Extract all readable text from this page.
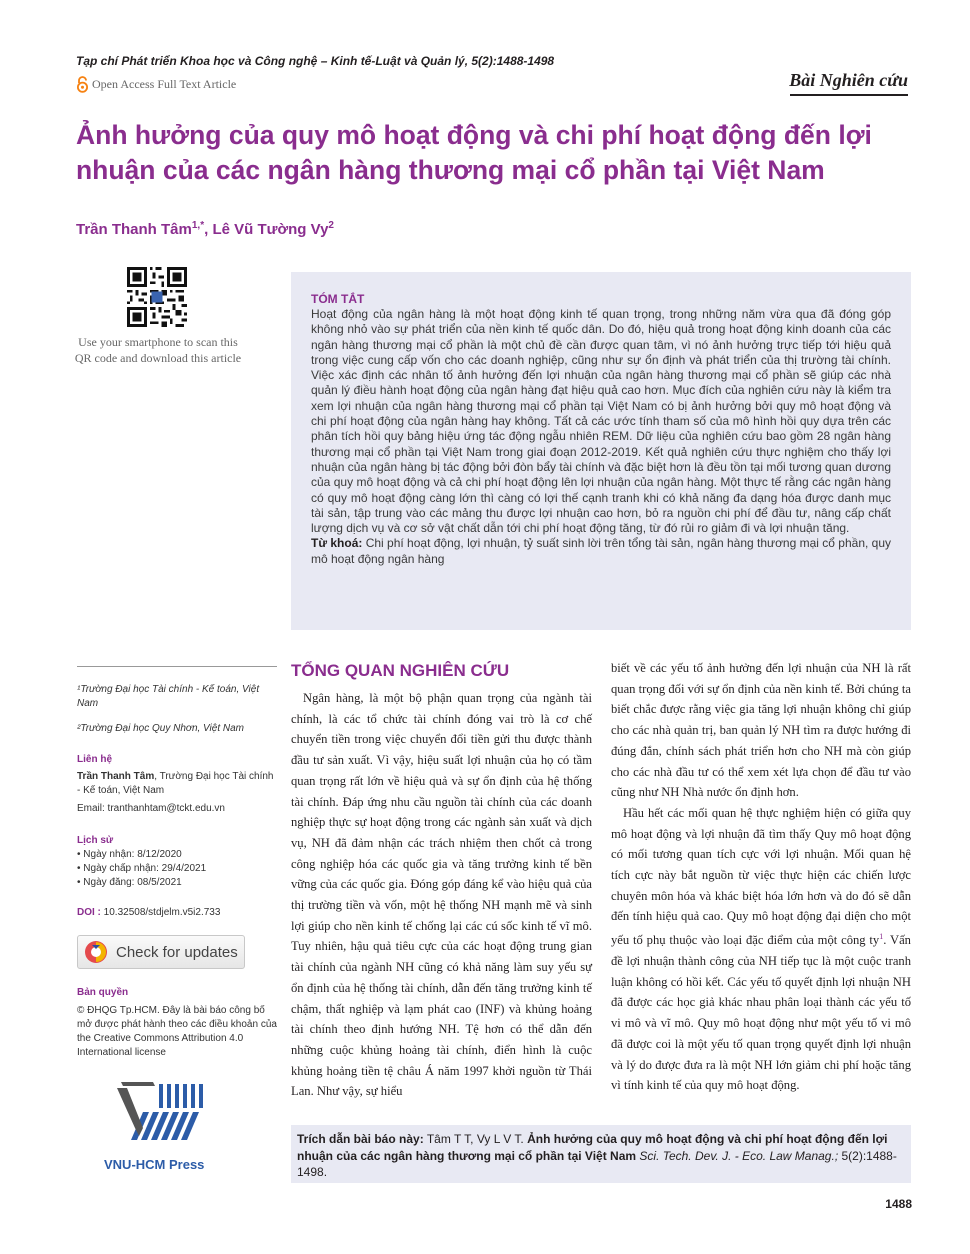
Tạp chí Phát triển Khoa học và Công nghệ – Kinh tế-Luật và Quản lý, 5(2):1488-1498
Open Access Full Text Article	Bài Nghiên cứu
Ảnh hưởng của quy mô hoạt động và chi phí hoạt động đến lợi nhuận của các ngân hàng thương mại cổ phần tại Việt Nam
Trần Thanh Tâm$^{1,*}$, Lê Vũ Tường Vy$^2$
Use your smartphone to scan this QR code and download this article
TÓM TẮT
Hoạt động của ngân hàng là một hoạt động kinh tế quan trọng, trong những năm vừa qua đã đóng góp không nhỏ vào sự phát triển của nền kinh tế quốc dân. Do đó, hiệu quả trong hoạt động kinh doanh của các ngân hàng thương mại cổ phần là một chủ đề cần được quan tâm, vì nó ảnh hưởng trực tiếp tới hiệu quả trong việc cung cấp vốn cho các doanh nghiệp, cũng như sự ổn định và phát triển của thị trường tài chính. Việc xác định các nhân tố ảnh hưởng đến lợi nhuận của ngân hàng thương mại cổ phần sẽ giúp các nhà quản lý điều hành hoạt động của ngân hàng đạt hiệu quả cao hơn. Mục đích của nghiên cứu này là kiểm tra xem lợi nhuận của ngân hàng thương mại cổ phần tại Việt Nam có bị ảnh hưởng bởi quy mô hoạt động và chi phí hoạt động của ngân hàng hay không. Tất cả các ước tính tham số của mô hình hồi quy dựa trên các phân tích hồi quy bảng hiệu ứng tác động ngẫu nhiên REM. Dữ liệu của nghiên cứu bao gồm 28 ngân hàng thương mại cổ phần tại Việt Nam trong giai đoạn 2012-2019. Kết quả nghiên cứu thực nghiệm cho thấy lợi nhuận của ngân hàng bị tác động bởi đòn bẩy tài chính và đặc biệt hơn là đều tồn tại mối tương quan dương của quy mô hoạt động và cả chi phí hoạt động lên lợi nhuận của ngân hàng. Một thực tế rằng các ngân hàng có quy mô hoạt động càng lớn thì càng có lợi thế cạnh tranh khi có khả năng đa dạng hóa được danh mục tài sản, tập trung vào các mảng thu được lợi nhuận cao hơn, bỏ ra nguồn chi phí để đầu tư, nâng cấp chất lượng dịch vụ và cơ sở vật chất dẫn tới chi phí hoạt động tăng, từ đó rủi ro giảm đi và lợi nhuận tăng.
Từ khoá: Chi phí hoạt động, lợi nhuận, tỷ suất sinh lời trên tổng tài sản, ngân hàng thương mại cổ phần, quy mô hoạt động ngân hàng
¹Trường Đại học Tài chính - Kế toán, Việt Nam
²Trường Đại học Quy Nhơn, Việt Nam
Liên hệ
Trần Thanh Tâm, Trường Đại học Tài chính - Kế toán, Việt Nam
Email: tranthanhtam@tckt.edu.vn
Lịch sử
• Ngày nhận: 8/12/2020
• Ngày chấp nhận: 29/4/2021
• Ngày đăng: 08/5/2021
DOI : 10.32508/stdjelm.v5i2.733
Check for updates
Bản quyền
© ĐHQG Tp.HCM. Đây là bài báo công bố mở được phát hành theo các điều khoản của the Creative Commons Attribution 4.0 International license
VNU-HCM Press
TỔNG QUAN NGHIÊN CỨU

Ngân hàng, là một bộ phận quan trọng của ngành tài chính, là các tổ chức tài chính đóng vai trò là cơ chế chuyển tiền trong việc chuyển đổi tiền gửi thu được thành đầu tư sản xuất. Vì vậy, hiệu suất lợi nhuận của họ có tầm quan trọng rất lớn về hiệu quả và sự ổn định của hệ thống tài chính. Đáp ứng nhu cầu nguồn tài chính của các doanh nghiệp thực sự hoạt động trong các ngành sản xuất và dịch vụ, NH đã đảm nhận các trách nhiệm then chốt cả trong công nghiệp hóa các quốc gia và tăng trưởng kinh tế bền vững của các quốc gia. Đóng góp đáng kể vào hiệu quả của thị trường tiền và vốn, một hệ thống NH mạnh mẽ và sinh lợi giúp cho nền kinh tế chống lại các cú sốc kinh tế vĩ mô. Tuy nhiên, hậu quả tiêu cực của các hoạt động trung gian tài chính của ngành NH cũng có khả năng làm suy yếu sự ổn định của hệ thống tài chính, dẫn đến tăng trưởng kinh tế chậm, thất nghiệp và lạm phát cao (INF) và khủng hoảng tài chính theo định hướng NH. Tệ hơn có thể dẫn đến những cuộc khủng hoảng tài chính, điển hình là cuộc khủng hoảng tiền tệ châu Á năm 1997 khởi nguồn từ Thái Lan. Như vậy, sự hiểu

biết về các yếu tố ảnh hưởng đến lợi nhuận của NH là rất quan trọng đối với sự ổn định của nền kinh tế. Bởi chúng ta biết chắc được rằng việc gia tăng lợi nhuận không chỉ giúp cho các nhà quản trị, ban quản lý NH tìm ra được hướng đi đúng đắn, chính sách phát triển hơn cho NH mà còn giúp cho các nhà đầu tư có thể xem xét lựa chọn để đầu tư vào cũng như NH Nhà nước ổn định hơn.

Hầu hết các mối quan hệ thực nghiệm hiện có giữa quy mô hoạt động và lợi nhuận đã tìm thấy Quy mô hoạt động có mối tương quan tích cực với lợi nhuận. Mối quan hệ tích cực này bắt nguồn từ việc thực hiện các chiến lược chuyên môn hóa và khác biệt hóa lớn hơn và do đó sẽ dẫn đến tính hiệu quả cao. Quy mô hoạt động đại diện cho một yếu tố phụ thuộc vào loại đặc điểm của một công $ty^1$. Vấn đề lợi nhuận thành công của NH tiếp tục là một cuộc tranh luận không có hồi kết. Các yếu tố quyết định lợi nhuận NH đã được các học giả khác nhau phân loại thành các yếu tố vi mô và vĩ mô. Quy mô hoạt động như một yếu tố vi mô đã được coi là một yếu tố quan trọng quyết định lợi nhuận và lý do được đưa ra là một NH lớn giảm chi phí hoặc tăng vì tính kinh tế của quy mô hoạt động.

Trích dẫn bài báo này: Tâm T T, Vy L V T. Ảnh hưởng của quy mô hoạt động và chi phí hoạt động đến lợi nhuận của các ngân hàng thương mại cổ phần tại Việt Nam Sci. Tech. Dev. J. - Eco. Law Manag.; 5(2):1488-1498.
1488
